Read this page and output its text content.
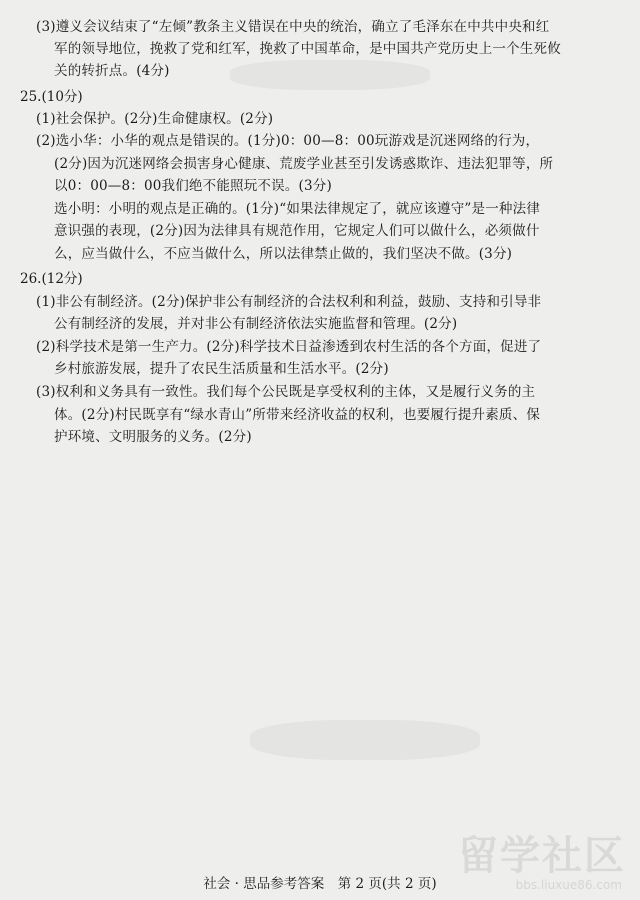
(3)遵义会议结束了“左倾”教条主义错误在中央的统治，确立了毛泽东在中共中央和红
军的领导地位，挽救了党和红军，挽救了中国革命，是中国共产党历史上一个生死攸
关的转折点。(4分)
25.(10分)
(1)社会保护。(2分)生命健康权。(2分)
(2)选小华：小华的观点是错误的。(1分)0：00—8：00玩游戏是沉迷网络的行为，
(2分)因为沉迷网络会损害身心健康、荒废学业甚至引发诱惑欺诈、违法犯罪等，所
以0：00—8：00我们绝不能照玩不误。(3分)
选小明：小明的观点是正确的。(1分)“如果法律规定了，就应该遵守”是一种法律
意识强的表现，(2分)因为法律具有规范作用，它规定人们可以做什么，必须做什
么，应当做什么，不应当做什么，所以法律禁止做的，我们坚决不做。(3分)
26.(12分)
(1)非公有制经济。(2分)保护非公有制经济的合法权利和利益，鼓励、支持和引导非
公有制经济的发展，并对非公有制经济依法实施监督和管理。(2分)
(2)科学技术是第一生产力。(2分)科学技术日益渗透到农村生活的各个方面，促进了
乡村旅游发展，提升了农民生活质量和生活水平。(2分)
(3)权利和义务具有一致性。我们每个公民既是享受权利的主体，又是履行义务的主
体。(2分)村民既享有“绿水青山”所带来经济收益的权利，也要履行提升素质、保
护环境、文明服务的义务。(2分)
社会 · 思品参考答案　第 2 页(共 2 页)
留学社区
bbs.liuxue86.com
